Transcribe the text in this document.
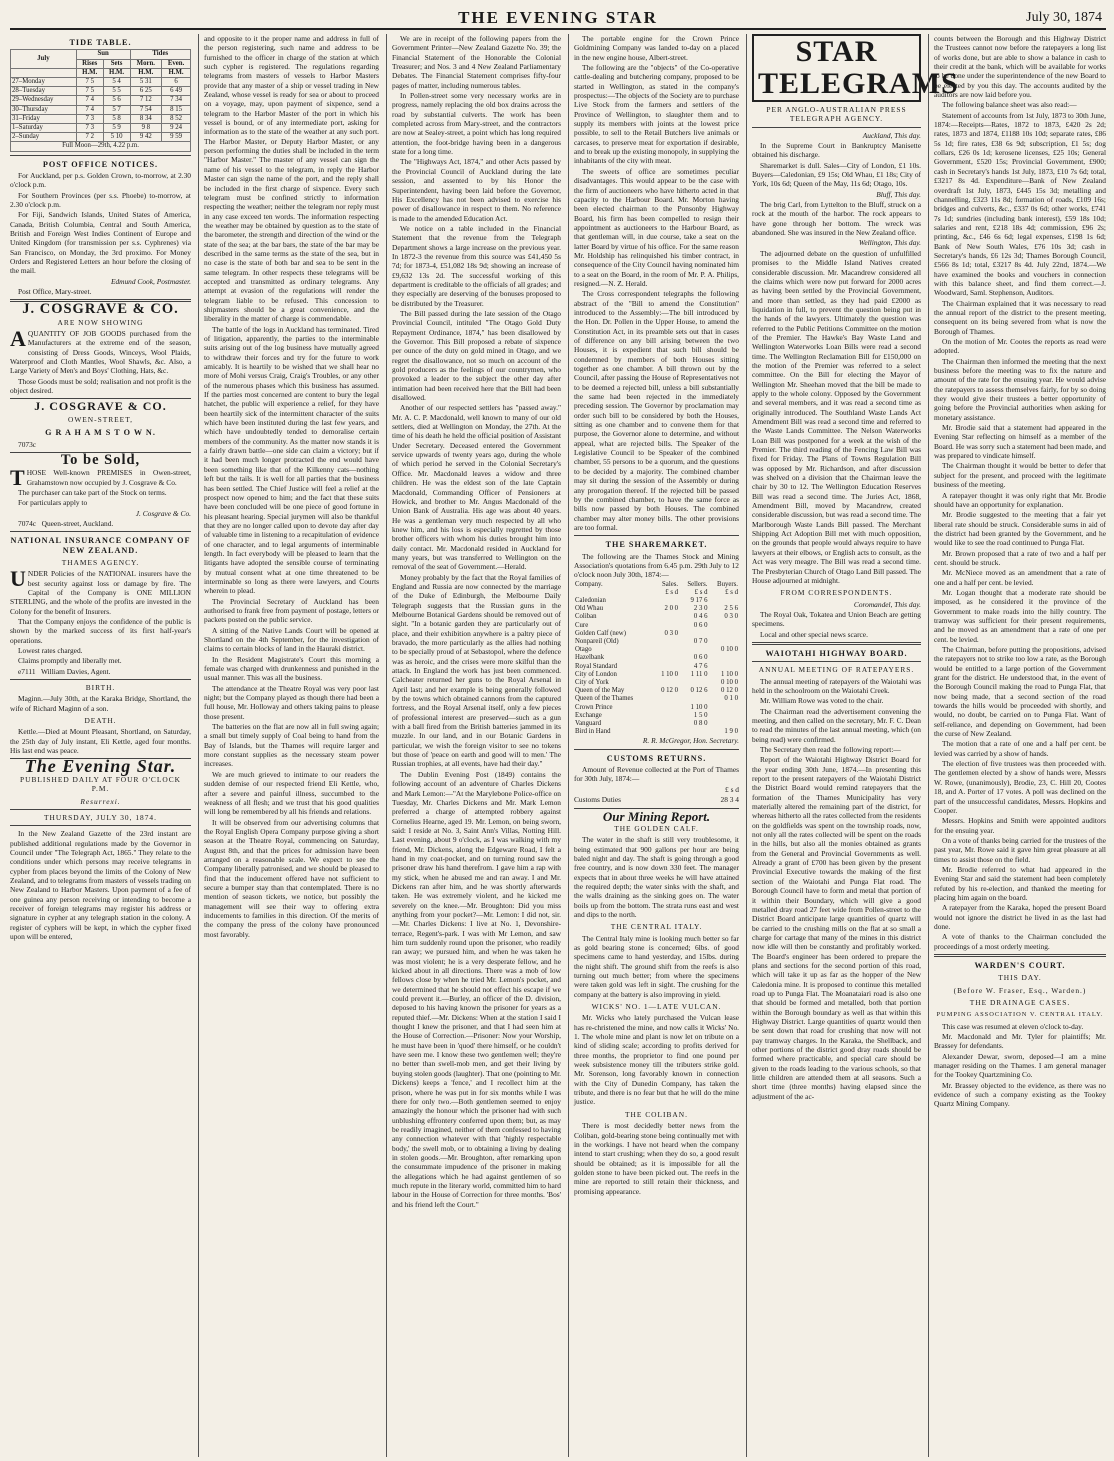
THE EVENING STAR	July 30, 1874
TIDE TABLE.
July	Sun		Tides	
	Rises	Sets	Morn.	Even.
	H.M.	H.M.	H.M.	H.M.
27–Monday	7 5	5 4	5 31	6
28–Tuesday	7 5	5 5	6 25	6 49
29–Wednesday	7 4	5 6	7 12	7 34
30–Thursday	7 4	5 7	7 54	8 15
31–Friday	7 3	5 8	8 34	8 52
1–Saturday	7 3	5 9	9 8	9 24
2–Sunday	7 2	5 10	9 42	9 59
Full Moon—29th, 4.22 p.m.				
POST OFFICE NOTICES.

For Auckland, per p.s. Golden Crown, to-morrow, at 2.30 o'clock p.m.

For Southern Provinces (per s.s. Phoebe) to-morrow, at 2.30 o'clock p.m.

For Fiji, Sandwich Islands, United States of America, Canada, British Columbia, Central and South America, British and Foreign West Indies Continent of Europe and United Kingdom (for transmission per s.s. Cyphrenes) via San Francisco, on Monday, the 3rd proximo. For Money Orders and Registered Letters an hour before the closing of the mail.

Edmund Cook, Postmaster.

Post Office, Mary-street.

J. COSGRAVE & CO.
ARE NOW SHOWING

AQUANTITY OF JOB GOODS purchased from the Manufacturers at the extreme end of the season, consisting of Dress Goods, Winceys, Wool Plaids, Waterproof and Cloth Mantles, Wool Shawls, &c. Also, a Large Variety of Men's and Boys' Clothing, Hats, &c.

Those Goods must be sold; realisation and not profit is the object desired.

J. COSGRAVE & CO.
OWEN-STREET,
G R A H A M S T O W N.

7073c

To be Sold,

THOSE Well-known PREMISES in Owen-street, Grahamstown now occupied by J. Cosgrave & Co.

The purchaser can take part of the Stock on terms.

For particulars apply to

J. Cosgrave & Co.

7074c Queen-street, Auckland.

NATIONAL INSURANCE COMPANY OF NEW ZEALAND.
THAMES AGENCY.

UNDER Policies of the NATIONAL insurers have the best security against loss or damage by fire. The Capital of the Company is ONE MILLION STERLING, and the whole of the profits are invested in the Colony for the benefit of Insurers.

That the Company enjoys the confidence of the public is shown by the marked success of its first half-year's operations.

Lowest rates charged.

Claims promptly and liberally met.

e7111 William Davies, Agent.

BIRTH.

Maginn.—July 30th, at the Karaka Bridge, Shortland, the wife of Richard Maginn of a son.

DEATH.

Kettle.—Died at Mount Pleasant, Shortland, on Saturday, the 25th day of July instant, Eli Kettle, aged four months. His last end was peace.

The Evening Star.
PUBLISHED DAILY AT FOUR O'CLOCK P.M.
Resurrexi.
THURSDAY, JULY 30, 1874.

In the New Zealand Gazette of the 23rd instant are published additional regulations made by the Governor in Council under "The Telegraph Act, 1865." They relate to the conditions under which persons may receive telegrams in cypher from places beyond the limits of the Colony of New Zealand, and to telegrams from masters of vessels trading on New Zealand to Harbor Masters. Upon payment of a fee of one guinea any person receiving or intending to become a receiver of foreign telegrams may register his address or signature in cypher at any telegraph station in the colony. A register of cyphers will be kept, in which the cypher fixed upon will be entered,

and opposite to it the proper name and address in full of the person registering, such name and address to be furnished to the officer in charge of the station at which such cypher is registered. The regulations regarding telegrams from masters of vessels to Harbor Masters provide that any master of a ship or vessel trading in New Zealand, whose vessel is ready for sea or about to proceed on a voyage, may, upon payment of sixpence, send a telegram to the Harbor Master of the port in which his vessel is bound, or of any intermediate port, asking for information as to the state of the weather at any such port. The Harbor Master, or Deputy Harbor Master, or any person performing the duties shall be included in the term "Harbor Master." The master of any vessel can sign the name of his vessel to the telegram, in reply the Harbor Master can sign the name of the port, and the reply shall be included in the first charge of sixpence. Every such telegram must be confined strictly to information respecting the weather; neither the telegram nor reply must in any case exceed ten words. The information respecting the weather may be obtained by question as to the state of the barometer, the strength and direction of the wind or the state of the sea; at the bar bars, the state of the bar may be described in the same terms as the state of the sea, but in no case is the state of both bar and sea to be sent in the same telegram. In other respects these telegrams will be accepted and transmitted as ordinary telegrams. Any attempt at evasion of the regulations will render the telegram liable to be refused. This concession to shipmasters should be a great convenience, and the liberality in the matter of charge is commendable.

The battle of the logs in Auckland has terminated. Tired of litigation, apparently, the parties to the interminable suits arising out of the log business have mutually agreed to withdraw their forces and try for the future to work amicably. It is heartily to be wished that we shall hear no more of Mohi versus Craig, Craig's Troubles, or any other of the numerous phases which this business has assumed. If the parties most concerned are content to bury the legal hatchet, the public will experience a relief, for they have been heartily sick of the intermittent character of the suits which have been instituted during the last few years, and which have undoubtedly tended to demoralise certain members of the community. As the matter now stands it is a fairly drawn battle—one side can claim a victory; but if it had been much longer protracted the end would have been something like that of the Kilkenny cats—nothing left but the tails. It is well for all parties that the business has been settled. The Chief Justice will feel a relief at the prospect now opened to him; and the fact that these suits have been concluded will be one piece of good fortune in his pleasant hearing. Special jurymen will also be thankful that they are no longer called upon to devote day after day of valuable time in listening to a recapitulation of evidence of one character, and to legal arguments of interminable length. In fact everybody will be pleased to learn that the litigants have adopted the sensible course of terminating by mutual consent what at one time threatened to be interminable so long as there were lawyers, and Courts wherein to plead.

The Provincial Secretary of Auckland has been authorised to frank free from payment of postage, letters or packets posted on the public service.

A sitting of the Native Lands Court will be opened at Shortland on the 4th September, for the investigation of claims to certain blocks of land in the Hauraki district.

In the Resident Magistrate's Court this morning a female was charged with drunkenness and punished in the usual manner. This was all the business.

The attendance at the Theatre Royal was very poor last night; but the Company played as though there had been a full house, Mr. Holloway and others taking pains to please those present.

The batteries on the flat are now all in full swing again; a small but timely supply of Coal being to hand from the Bay of Islands, but the Thames will require larger and more constant supplies as the necessary steam power increases.

We are much grieved to intimate to our readers the sudden demise of our respected friend Eli Kettle, who, after a severe and painful illness, succumbed to the weakness of all flesh; and we trust that his good qualities will long be remembered by all his friends and relations.

It will be observed from our advertising columns that the Royal English Opera Company purpose giving a short season at the Theatre Royal, commencing on Saturday, August 8th, and that the prices for admission have been arranged on a reasonable scale. We expect to see the Company liberally patronised, and we should be pleased to find that the inducement offered have not sufficient to secure a bumper stay than that contemplated. There is no mention of season tickets, we notice, but possibly the management will see their way to offering extra inducements to families in this direction. Of the merits of the company the press of the colony have pronounced most favorably.

We are in receipt of the following papers from the Government Printer—New Zealand Gazette No. 39; the Financial Statement of the Honorable the Colonial Treasurer; and Nos. 3 and 4 New Zealand Parliamentary Debates. The Financial Statement comprises fifty-four pages of matter, including numerous tables.

In Pollen-street some very necessary works are in progress, namely replacing the old box drains across the road by substantial culverts. The work has been completed across from Mary-street, and the contractors are now at Sealey-street, a point which has long required attention, the foot-bridge having been in a dangerous state for a long time.

The "Highways Act, 1874," and other Acts passed by the Provincial Council of Auckland during the late session, and assented to by his Honor the Superintendent, having been laid before the Governor, His Excellency has not been advised to exercise his power of disallowance in respect to them. No reference is made to the amended Education Act.

We notice on a table included in the Financial Statement that the revenue from the Telegraph Department shows a large increase on the previous year. In 1872-3 the revenue from this source was £41,450 5s 7d; for 1873-4, £51,082 18s 9d; showing an increase of £9,632 13s 2d. The successful working of this department is creditable to the officials of all grades; and they especially are deserving of the bonuses proposed to be distributed by the Treasurer.

The Bill passed during the late session of the Otago Provincial Council, intituled "The Otago Gold Duty Repayment Ordinance, 1874," has been disallowed by the Governor. This Bill proposed a rebate of sixpence per ounce of the duty on gold mined in Otago, and we regret the disallowance, not so much on account of the gold producers as the feelings of our countrymen, who provoked a leader to the subject the other day after intimation had been received here that the Bill had been disallowed.

Another of our respected settlers has "passed away." Mr. A. C. P. Macdonald, well known to many of our old settlers, died at Wellington on Monday, the 27th. At the time of his death he held the official position of Assistant Under Secretary. Deceased entered the Government service upwards of twenty years ago, during the whole of which period he served in the Colonial Secretary's Office. Mr. Macdonald leaves a widow and three children. He was the eldest son of the late Captain Macdonald, Commanding Officer of Pensioners at Howick, and brother to Mr. Angus Macdonald of the Union Bank of Australia. His age was about 40 years. He was a gentleman very much respected by all who knew him, and his loss is especially regretted by those brother officers with whom his duties brought him into daily contact. Mr. Macdonald resided in Auckland for many years, but was transferred to Wellington on the removal of the seat of Government.—Herald.

Money probably by the fact that the Royal families of England and Russia are now connected by the marriage of the Duke of Edinburgh, the Melbourne Daily Telegraph suggests that the Russian guns in the Melbourne Botanical Gardens should be removed out of sight. "In a botanic garden they are particularly out of place, and their exhibition anywhere is a paltry piece of bravado, the more particularly as the allies had nothing to be specially proud of at Sebastopol, where the defence was as heroic, and the crises were more skilful than the attack. In England the work has just been commenced. Calcheater returned her guns to the Royal Arsenal in April last; and her example is being generally followed by the towns which obtained cannons from the captured fortress, and the Royal Arsenal itself, only a few pieces of professional interest are preserved—such as a gun with a ball fired from the British batteries jammed in its muzzle. In our land, and in our Botanic Gardens in particular, we wish the foreign visitor to see no tokens but those of 'peace on earth and good will to men.' The Russian trophies, at all events, have had their day."

The Dublin Evening Post (1849) contains the following account of an adventure of Charles Dickens and Mark Lemon:—"At the Marylebone Police-office on Tuesday, Mr. Charles Dickens and Mr. Mark Lemon preferred a charge of attempted robbery against Cornelius Hearne, aged 19. Mr. Lemon, on being sworn, said: I reside at No. 3, Saint Ann's Villas, Notting Hill. Last evening, about 9 o'clock, as I was walking with my friend, Mr. Dickens, along the Edgeware Road, I felt a hand in my coat-pocket, and on turning round saw the prisoner draw his hand therefrom. I gave him a rap with my stick, when he abused me and ran away. I and Mr. Dickens ran after him, and he was shortly afterwards taken. He was extremely violent, and he kicked me severely on the knee.—Mr. Broughton: Did you miss anything from your pocket?—Mr. Lemon: I did not, sir.—Mr. Charles Dickens: I live at No. 1, Devonshire-terrace, Regent's-park. I was with Mr Lemon, and saw him turn suddenly round upon the prisoner, who readily ran away; we pursued him, and when he was taken he was most violent; he is a very desperate fellow, and he kicked about in all directions. There was a mob of low fellows close by when he tried Mr. Lemon's pocket, and we determined that he should not effect his escape if we could prevent it.—Burley, an officer of the D. division, deposed to his having known the prisoner for years as a reputed thief.—Mr. Dickens: When at the station I said I thought I knew the prisoner, and that I had seen him at the House of Correction.—Prisoner: Now your Worship, he must have been in 'quod' there himself, or he couldn't have seen me. I know these two gentlemen well; they're no better than swell-mob men, and get their living by buying stolen goods (laughter). That one (pointing to Mr. Dickens) keeps a 'fence,' and I recollect him at the prison, where he was put in for six months while I was there for only two.—Both gentlemen seemed to enjoy amazingly the honour which the prisoner had with such unblushing effrontery conferred upon them; but, as may be readily imagined, neither of them confessed to having any connection whatever with that 'highly respectable body,' the swell mob, or to obtaining a living by dealing in stolen goods.—Mr. Broughton, after remarking upon the consummate impudence of the prisoner in making the allegations which he had against gentlemen of so much repute in the literary world, committed him to hard labour in the House of Correction for three months. 'Bos' and his friend left the Court."

The portable engine for the Crown Prince Goldmining Company was landed to-day on a placed in the new engine house, Albert-street.

The following are the "objects" of the Co-operative cattle-dealing and butchering company, proposed to be started in Wellington, as stated in the company's prospectus:—The objects of the Society are to purchase Live Stock from the farmers and settlers of the Province of Wellington, to slaughter them and to supply its members with joints at the lowest price possible, to sell to the Retail Butchers live animals or carcases, to preserve meat for exportation if desirable, and to break up the existing monopoly, in supplying the inhabitants of the city with meat.

The sweets of office are sometimes peculiar disadvantages. This would appear to be the case with the firm of auctioneers who have hitherto acted in that capacity to the Harbour Board. Mr. Morton having been elected chairman to the Ponsonby Highway Board, his firm has been compelled to resign their appointment as auctioneers to the Harbour Board, as that gentleman will, in due course, take a seat on the latter Board by virtue of his office. For the same reason Mr. Holdship has relinquished his timber contract, in consequence of the City Council having nominated him to a seat on the Board, in the room of Mr. P. A. Philips, resigned.—N. Z. Herald.

The Cross correspondent telegraphs the following abstract of the "Bill to amend the Constitution" introduced to the Assembly:—The bill introduced by the Hon. Dr. Pollen in the Upper House, to amend the Constitution Act, in its preamble sets out that in cases of difference on any bill arising between the two Houses, it is expedient that such bill should be condemned by members of both Houses sitting together as one chamber. A bill thrown out by the Council, after passing the House of Representatives not to be deemed a rejected bill, unless a bill substantially the same had been rejected in the immediately preceding session. The Governor by proclamation may order such bill to be considered by both the Houses, sitting as one chamber and to convene them for that purpose, the Governor alone to determine, and without appeal, what are rejected bills. The Speaker of the Legislative Council to be Speaker of the combined chamber, 55 persons to be a quorum, and the questions to be decided by a majority. The combined chamber may sit during the session of the Assembly or during any prorogation thereof. If the rejected bill be passed by the combined chamber, to have the same force as bills now passed by both Houses. The combined chamber may alter money bills. The other provisions are too formal.

THE SHAREMARKET.

The following are the Thames Stock and Mining Association's quotations from 6.45 p.m. 29th July to 12 o'clock noon July 30th, 1874:—

Company.	Sales.	Sellers.	Buyers.
	£ s d	£ s d	£ s d
Caledonian		9 17 6	
Old Whau	2 0 0	2 3 0	2 5 6

Coliban		0 4 6	0 3 0
Cure		0 6 0	
Golden Calf (new)	0 3 0		
Nonpareil (Old)		0 7 0	
Otago			0 10 0
Hazelbank		0 6 0	
Royal Standard		4 7 6	
City of London	1 10 0	1 11 0	1 10 0
City of York			0 10 0
Queen of the May	0 12 0	0 12 6	0 12 0
Queen of the Thames			0 1 0
Crown Prince		1 10 0	
Exchange		1 5 0	
Vanguard		0 8 0	
Bird in Hand			1 9 0

R. R. McGregor, Hon. Secretary.

CUSTOMS RETURNS.

Amount of Revenue collected at the Port of Thames for 30th July, 1874:—

£ s d

Customs Duties	28 3 4

Our Mining Report.
THE GOLDEN CALF.

The water in the shaft is still very troublesome, it being estimated that 900 gallons per hour are being baled night and day. The shaft is going through a good free country, and is now down 330 feet. The manager expects that in about three weeks he will have attained the required depth; the water sinks with the shaft, and the walls draining as the sinking goes on. The water boils up from the bottom. The strata runs east and west and dips to the north.

THE CENTRAL ITALY.

The Central Italy mine is looking much better so far as gold bearing stone is concerned; 6lbs. of good specimens came to hand yesterday, and 15lbs. during the night shift. The ground shift from the reefs is also turning out much better; from where the specimens were taken gold was left in sight. The crushing for the company at the battery is also improving in yield.

WICKS' NO. 1—LATE VULCAN.

Mr. Wicks who lately purchased the Vulcan lease has re-christened the mine, and now calls it Wicks' No. 1. The whole mine and plant is now let on tribute on a kind of sliding scale; according to profits derived for three months, the proprietor to find one pound per week subsistence money till the tributers strike gold. Mr. Sorenson, long favorably known in connection with the City of Dunedin Company, has taken the tribute, and there is no fear but that he will do the mine justice.

THE COLIBAN.

There is most decidedly better news from the Coliban, gold-bearing stone being continually met with in the workings. I have not heard when the company intend to start crushing; when they do so, a good result should be obtained; as it is impossible for all the golden stone to have been picked out. The reefs in the mine are reported to still retain their thickness, and promising appearance.

STAR TELEGRAMS
PER ANGLO-AUSTRALIAN PRESS TELEGRAPH AGENCY.

Auckland, This day.

In the Supreme Court in Bankruptcy Manisette obtained his discharge.

Sharemarket is dull. Sales—City of London, £1 10s. Buyers—Caledonian, £9 15s; Old Whau, £1 18s; City of York, 10s 6d; Queen of the May, 11s 6d; Otago, 10s.

Bluff, This day.

The brig Carl, from Lyttelton to the Bluff, struck on a rock at the mouth of the harbor. The rock appears to have gone through her bottom. The wreck was abandoned. She was insured in the New Zealand office.

Wellington, This day.

The adjourned debate on the question of unfulfilled promises to the Middle Island Natives created considerable discussion. Mr. Macandrew considered all the claims which were now put forward for 2000 acres as having been settled by the Provincial Government, and more than settled, as they had paid £2000 as liquidation in full, to prevent the question being put in the hands of the lawyers. Ultimately the question was referred to the Public Petitions Committee on the motion of the Premier. The Hawke's Bay Waste Land and Wellington Waterworks Loan Bills were read a second time. The Wellington Reclamation Bill for £150,000 on the motion of the Premier was referred to a select committee. On the Bill for electing the Mayor of Wellington Mr. Sheehan moved that the bill be made to apply to the whole colony. Opposed by the Government and several members, and it was read a second time as originally introduced. The Southland Waste Lands Act Amendment Bill was read a second time and referred to the Waste Lands Committee. The Nelson Waterworks Loan Bill was postponed for a week at the wish of the Premier. The third reading of the Fencing Law Bill was fixed for Friday. The Plans of Towns Regulation Bill was opposed by Mr. Richardson, and after discussion was shelved on a division that the Chairman leave the chair by 30 to 12. The Wellington Education Reserves Bill was read a second time. The Juries Act, 1868, Amendment Bill, moved by Macandrew, created considerable discussion, but was read a second time. The Marlborough Waste Lands Bill passed. The Merchant Shipping Act Adoption Bill met with much opposition, on the grounds that people would always require to have lawyers at their elbows, or English acts to consult, as the Act was very meagre. The Bill was read a second time. The Presbyterian Church of Otago Land Bill passed. The House adjourned at midnight.

FROM CORRESPONDENTS.

Coromandel, This day.

The Royal Oak, Tokatea and Union Beach are getting specimens.

Local and other special news scarce.

WAIOTAHI HIGHWAY BOARD.
ANNUAL MEETING OF RATEPAYERS.

The annual meeting of ratepayers of the Waiotahi was held in the schoolroom on the Waiotahi Creek.

Mr. William Rowe was voted to the chair.

The Chairman read the advertisement convening the meeting, and then called on the secretary, Mr. F. C. Dean to read the minutes of the last annual meeting, which (on being read) were confirmed.

The Secretary then read the following report:—

Report of the Waiotahi Highway District Board for the year ending 30th June, 1874.—In presenting this report to the present ratepayers of the Waiotahi District the District Board would remind ratepayers that the formation of the Thames Municipality has very materially altered the remaining part of the district, for whereas hitherto all the rates collected from the residents on the goldfields was spent on the township roads, now, not only all the rates collected will be spent on the roads in the hills, but also all the monies obtained as grants from the General and Provincial Governments as well. Already a grant of £700 has been given by the present Provincial Executive towards the making of the first section of the Waiotahi and Punga Flat road. The Borough Council have to form and metal that portion of it within their Boundary, which will give a good metalled dray road 27 feet wide from Pollen-street to the District Board anticipate large quantities of quartz will be carried to the crushing mills on the flat at so small a charge for cartage that many of the mines in this district now idle will then be constantly and profitably worked. The Board's engineer has been ordered to prepare the plans and sections for the second portion of this road, which will take it up as far as the hopper of the New Caledonia mine. It is proposed to continue this metalled road up to Punga Flat. The Moanataiari road is also one that should be formed and metalled, both that portion within the Borough boundary as well as that within this Highway District. Large quantities of quartz would then be sent down that road for crushing that now will not pay tramway charges. In the Karaka, the Shellback, and other portions of the district good dray roads should be formed where practicable, and special care should be given to the roads leading to the various schools, so that little children are attended them at all seasons. Such a short time (three months) having elapsed since the adjustment of the ac-

counts between the Borough and this Highway District the Trustees cannot now before the ratepayers a long list of works done, but are able to show a balance in cash to their credit at the bank, which will be available for works to be done under the superintendence of the new Board to be elected by you this day. The accounts audited by the auditors are now laid before you.

The following balance sheet was also read:—

Statement of accounts from 1st July, 1873 to 30th June, 1874:—Receipts—Rates, 1872 to 1873, £420 2s 2d; rates, 1873 and 1874, £1188 10s 10d; separate rates, £86 5s 1d; fire rates, £38 6s 9d; subscription, £1 5s; dog collars, £26 0s 1d; kerosene licenses, £25 10s; General Government, £520 15s; Provincial Government, £900; cash in Secretary's hands 1st July, 1873, £10 7s 6d; total, £3217 8s 4d. Expenditure—Bank of New Zealand overdraft 1st July, 1873, £445 15s 3d; metalling and channelling, £323 11s 8d; formation of roads, £109 16s; bridges and culverts, &c., £337 0s 6d; other works, £741 7s 1d; sundries (including bank interest), £59 18s 10d; salaries and rent, £218 18s 4d; commission, £96 2s; printing, &c., £46 6s 6d; legal expenses, £198 1s 6d; Bank of New South Wales, £76 10s 3d; cash in Secretary's hands, £6 12s 3d; Thames Borough Council, £566 8s 1d; total, £3217 8s 4d. July 22nd, 1874.—We have examined the books and vouchers in connection with this balance sheet, and find them correct.—J. Woodward, Saml. Stephenson, Auditors.

The Chairman explained that it was necessary to read the annual report of the district to the present meeting, consequent on its being severed from what is now the Borough of Thames.

On the motion of Mr. Cootes the reports as read were adopted.

The Chairman then informed the meeting that the next business before the meeting was to fix the nature and amount of the rate for the ensuing year. He would advise the ratepayers to assess themselves fairly, for by so doing they would give their trustees a better opportunity of going before the Provincial authorities when asking for monetary assistance.

Mr. Brodie said that a statement had appeared in the Evening Star reflecting on himself as a member of the Board. He was sorry such a statement had been made, and was prepared to vindicate himself.

The Chairman thought it would be better to defer that subject for the present, and proceed with the legitimate business of the meeting.

A ratepayer thought it was only right that Mr. Brodie should have an opportunity for explanation.

Mr. Brodie suggested to the meeting that a fair yet liberal rate should be struck. Considerable sums in aid of the district had been granted by the Government, and he would like to see the road continued to Punga Flat.

Mr. Brown proposed that a rate of two and a half per cent. should be struck.

Mr. McNiece moved as an amendment that a rate of one and a half per cent. be levied.

Mr. Logan thought that a moderate rate should be imposed, as he considered it the province of the Government to make roads into the hilly country. The tramway was sufficient for their present requirements, and he moved as an amendment that a rate of one per cent. be levied.

The Chairman, before putting the propositions, advised the ratepayers not to strike too low a rate, as the Borough would be entitled to a large portion of the Government grant for the district. He understood that, in the event of the Borough Council making the road to Punga Flat, that now being made, that a second section of the road towards the hills would be proceeded with shortly, and would, no doubt, be carried on to Punga Flat. Want of self-reliance, and depending on Government, had been the curse of New Zealand.

The motion that a rate of one and a half per cent. be levied was carried by a show of hands.

The election of five trustees was then proceeded with. The gentlemen elected by a show of hands were, Messrs W. Rowe, (unanimously), Brodie, 23, C. Hill 20, Cootes 18, and A. Porter of 17 votes. A poll was declined on the part of the unsuccessful candidates, Messrs. Hopkins and Cooper.

Messrs. Hopkins and Smith were appointed auditors for the ensuing year.

On a vote of thanks being carried for the trustees of the past year, Mr. Rowe said it gave him great pleasure at all times to assist those on the field.

Mr. Brodie referred to what had appeared in the Evening Star and said the statement had been completely refuted by his re-election, and thanked the meeting for placing him again on the board.

A ratepayer from the Karaka, hoped the present Board would not ignore the district he lived in as the last had done.

A vote of thanks to the Chairman concluded the proceedings of a most orderly meeting.

WARDEN'S COURT.
THIS DAY.
(Before W. Fraser, Esq., Warden.)
THE DRAINAGE CASES.
PUMPING ASSOCIATION V. CENTRAL ITALY.

This case was resumed at eleven o'clock to-day.

Mr. Macdonald and Mr. Tyler for plaintiffs; Mr. Brassey for defendants.

Alexander Dewar, sworn, deposed—I am a mine manager residing on the Thames. I am general manager for the Tookey Quartzmining Co.

Mr. Brassey objected to the evidence, as there was no evidence of such a company existing as the Tookey Quartz Mining Company.
